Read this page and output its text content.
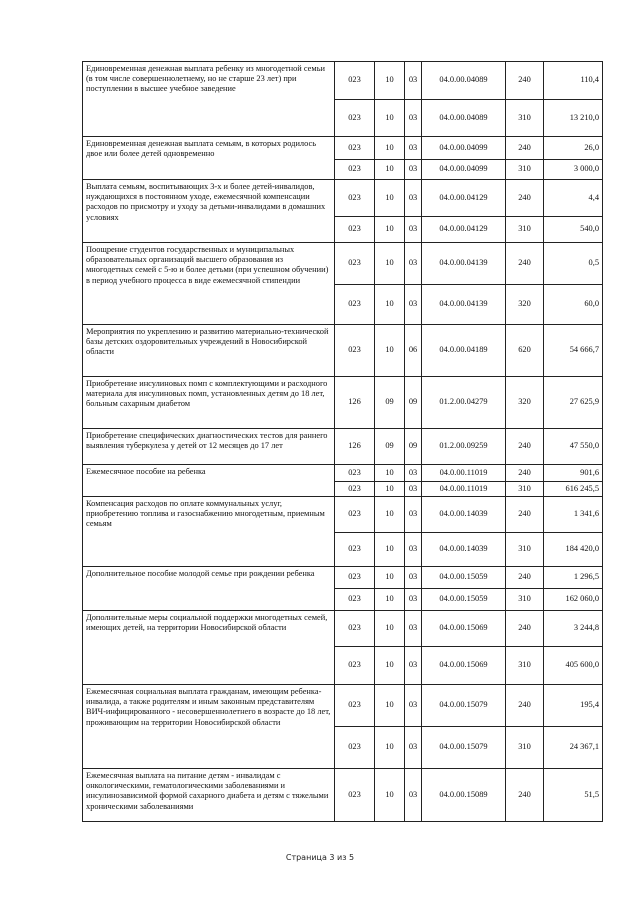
Единовременная денежная выплата ребенку из многодетной семьи (в том числе совершеннолетнему, но не старше 23 лет) при поступлении в высшее учебное заведение	023	10	03	04.0.00.04089	240	110,4
	023	10	03	04.0.00.04089	310	13 210,0
Единовременная денежная выплата семьям, в которых родилось двое или более детей одновременно	023	10	03	04.0.00.04099	240	26,0
	023	10	03	04.0.00.04099	310	3 000,0
Выплата семьям, воспитывающих 3-х и более детей-инвалидов, нуждающихся в постоянном уходе, ежемесячной компенсации расходов по присмотру и уходу за детьми-инвалидами в домашних условиях	023	10	03	04.0.00.04129	240	4,4
	023	10	03	04.0.00.04129	310	540,0
Поощрение студентов государственных и муниципальных образовательных организаций высшего образования из многодетных семей с 5-ю и более детьми (при успешном обучении) в период учебного процесса в виде ежемесячной стипендии	023	10	03	04.0.00.04139	240	0,5
	023	10	03	04.0.00.04139	320	60,0
Мероприятия по укреплению и развитию материально-технической базы детских оздоровительных учреждений в Новосибирской области	023	10	06	04.0.00.04189	620	54 666,7
Приобретение инсулиновых помп с комплектующими и расходного материала для инсулиновых помп, установленных детям до 18 лет, больным сахарным диабетом	126	09	09	01.2.00.04279	320	27 625,9
Приобретение специфических диагностических тестов для раннего выявления туберкулеза у детей от 12 месяцев до 17 лет	126	09	09	01.2.00.09259	240	47 550,0
Ежемесячное пособие на ребенка	023	10	03	04.0.00.11019	240	901,6
	023	10	03	04.0.00.11019	310	616 245,5
Компенсация расходов по оплате коммунальных услуг, приобретению топлива и газоснабжению многодетным, приемным семьям	023	10	03	04.0.00.14039	240	1 341,6
	023	10	03	04.0.00.14039	310	184 420,0
Дополнительное пособие молодой семье при рождении ребенка	023	10	03	04.0.00.15059	240	1 296,5
	023	10	03	04.0.00.15059	310	162 060,0
Дополнительные меры социальной поддержки многодетных семей, имеющих детей, на территории Новосибирской области	023	10	03	04.0.00.15069	240	3 244,8
	023	10	03	04.0.00.15069	310	405 600,0
Ежемесячная социальная выплата гражданам, имеющим ребенка-инвалида, а также родителям и иным законным представителям ВИЧ-инфицированного - несовершеннолетнего в возрасте до 18 лет, проживающим на территории Новосибирской области	023	10	03	04.0.00.15079	240	195,4
	023	10	03	04.0.00.15079	310	24 367,1

Ежемесячная выплата на питание детям - инвалидам с онкологическими, гематологическими заболеваниями и инсулинозависимой формой сахарного диабета и детям с тяжелыми хроническими заболеваниями	023	10	03	04.0.00.15089	240	51,5
Страница 3 из 5
